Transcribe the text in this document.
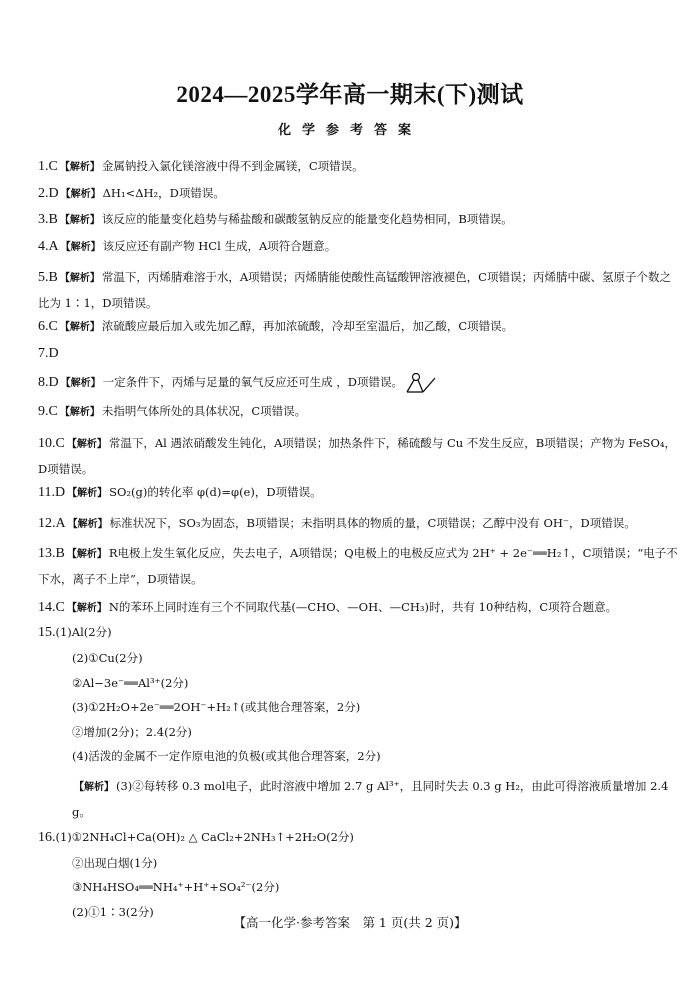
2024—2025学年高一期末(下)测试
化学参考答案
1.C 【解析】 金属钠投入氯化镁溶液中得不到金属镁，C项错误。
2.D 【解析】 ΔH₁<ΔH₂，D项错误。
3.B 【解析】 该反应的能量变化趋势与稀盐酸和碳酸氢钠反应的能量变化趋势相同，B项错误。
4.A 【解析】 该反应还有副产物 HCl 生成，A项符合题意。
5.B 【解析】 常温下，丙烯腈难溶于水，A项错误；丙烯腈能使酸性高锰酸钾溶液褪色，C项错误；丙烯腈中碳、氢原子个数之比为 1∶1，D项错误。
6.C 【解析】 浓硫酸应最后加入或先加乙醇，再加浓硫酸，冷却至室温后，加乙酸，C项错误。
7.D
8.D 【解析】 一定条件下，丙烯与足量的氧气反应还可生成 ，D项错误。
9.C 【解析】 未指明气体所处的具体状况，C项错误。
10.C 【解析】 常温下，Al 遇浓硝酸发生钝化，A项错误；加热条件下，稀硫酸与 Cu 不发生反应，B项错误；产物为 FeSO₄，D项错误。
11.D 【解析】 SO₂(g)的转化率 φ(d)=φ(e)，D项错误。
12.A 【解析】 标准状况下，SO₃为固态，B项错误；未指明具体的物质的量，C项错误；乙醇中没有 OH⁻，D项错误。
13.B 【解析】 R电极上发生氧化反应，失去电子，A项错误；Q电极上的电极反应式为 2H⁺ + 2e⁻══H₂↑，C项错误；“电子不下水，离子不上岸”，D项错误。
14.C 【解析】 N的苯环上同时连有三个不同取代基(—CHO、—OH、—CH₃)时，共有 10种结构，C项符合题意。
15.(1)Al(2分)
(2)①Cu(2分)
②Al−3e⁻══Al³⁺(2分)
(3)①2H₂O+2e⁻══2OH⁻+H₂↑(或其他合理答案，2分)
②增加(2分)；2.4(2分)
(4)活泼的金属不一定作原电池的负极(或其他合理答案，2分)
【解析】 (3)②每转移 0.3 mol电子，此时溶液中增加 2.7 g Al³⁺，且同时失去 0.3 g H₂，由此可得溶液质量增加 2.4 g。
16.(1)①2NH₄Cl+Ca(OH)₂ △ CaCl₂+2NH₃↑+2H₂O(2分)
②出现白烟(1分)
③NH₄HSO₄══NH₄⁺+H⁺+SO₄²⁻(2分)
(2)①1∶3(2分)
【高一化学·参考答案　第 1 页(共 2 页)】
